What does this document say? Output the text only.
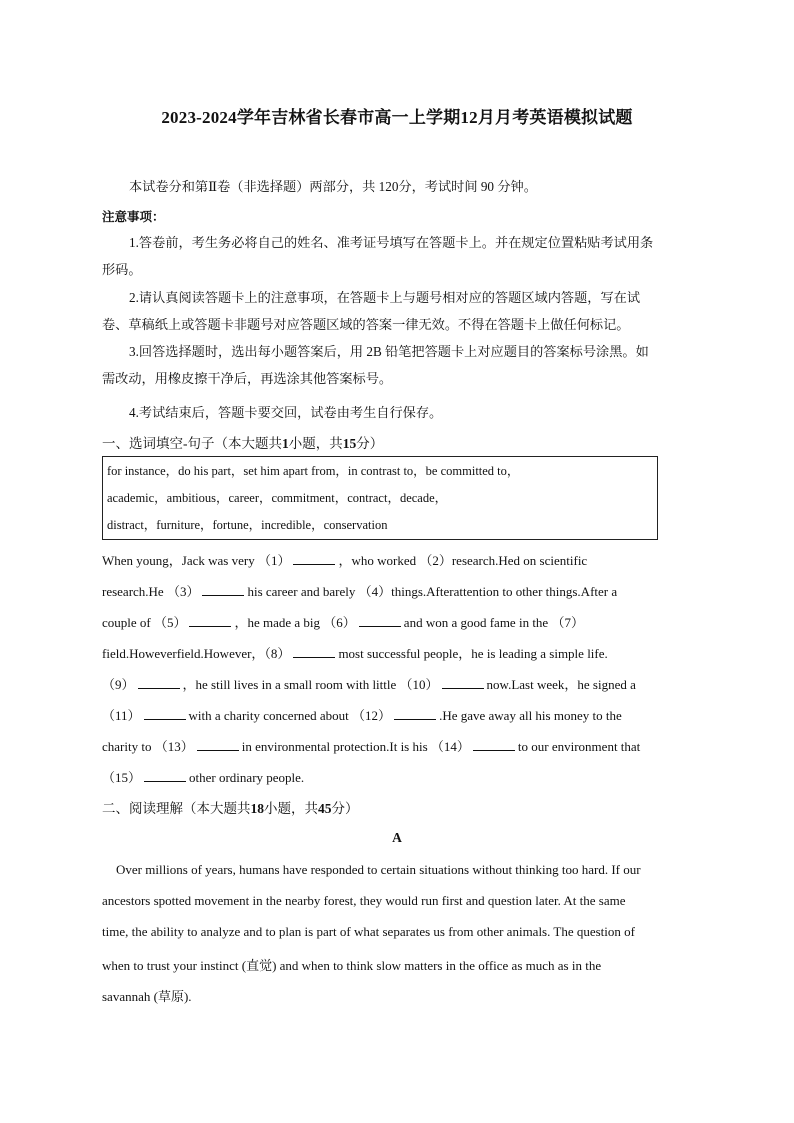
2023-2024学年吉林省长春市高一上学期12月月考英语模拟试题
本试卷分和第Ⅱ卷（非选择题）两部分，共 120分，考试时间 90 分钟。
注意事项：
1.答卷前，考生务必将自己的姓名、准考证号填写在答题卡上。并在规定位置粘贴考试用条
形码。
2.请认真阅读答题卡上的注意事项，在答题卡上与题号相对应的答题区域内答题，写在试
卷、草稿纸上或答题卡非题号对应答题区域的答案一律无效。不得在答题卡上做任何标记。
3.回答选择题时，选出每小题答案后，用 2B 铅笔把答题卡上对应题目的答案标号涂黑。如
需改动，用橡皮擦干净后，再选涂其他答案标号。
4.考试结束后，答题卡要交回，试卷由考生自行保存。
一、选词填空-句子（本大题共1小题，共15分）
for instance，do his part，set him apart from，in contrast to，be committed to，
academic，ambitious，career，commitment，contract，decade，
distract，furniture，fortune，incredible，conservation
When young，Jack was very （1）	，who worked （2）research.Hed on scientific
research.He （3）	his career and barely （4）things.Afterattention to other things.After a
couple of （5）	，he made a big （6）	and won a good fame in the （7）
field.Howeverfield.However，（8）	most successful people，he is leading a simple life.
（9）	，he still lives in a small room with little （10）	now.Last week，he signed a
（11）	with a charity concerned about （12）	.He gave away all his money to the
charity to （13）	in environmental protection.It is his （14）	to our environment that
（15）	other ordinary people.
二、阅读理解（本大题共18小题，共45分）
A
Over millions of years, humans have responded to certain situations without thinking too hard. If our
ancestors spotted movement in the nearby forest, they would run first and question later. At the same
time, the ability to analyze and to plan is part of what separates us from other animals. The question of
when to trust your instinct (直觉) and when to think slow matters in the office as much as in the
savannah (草原).
